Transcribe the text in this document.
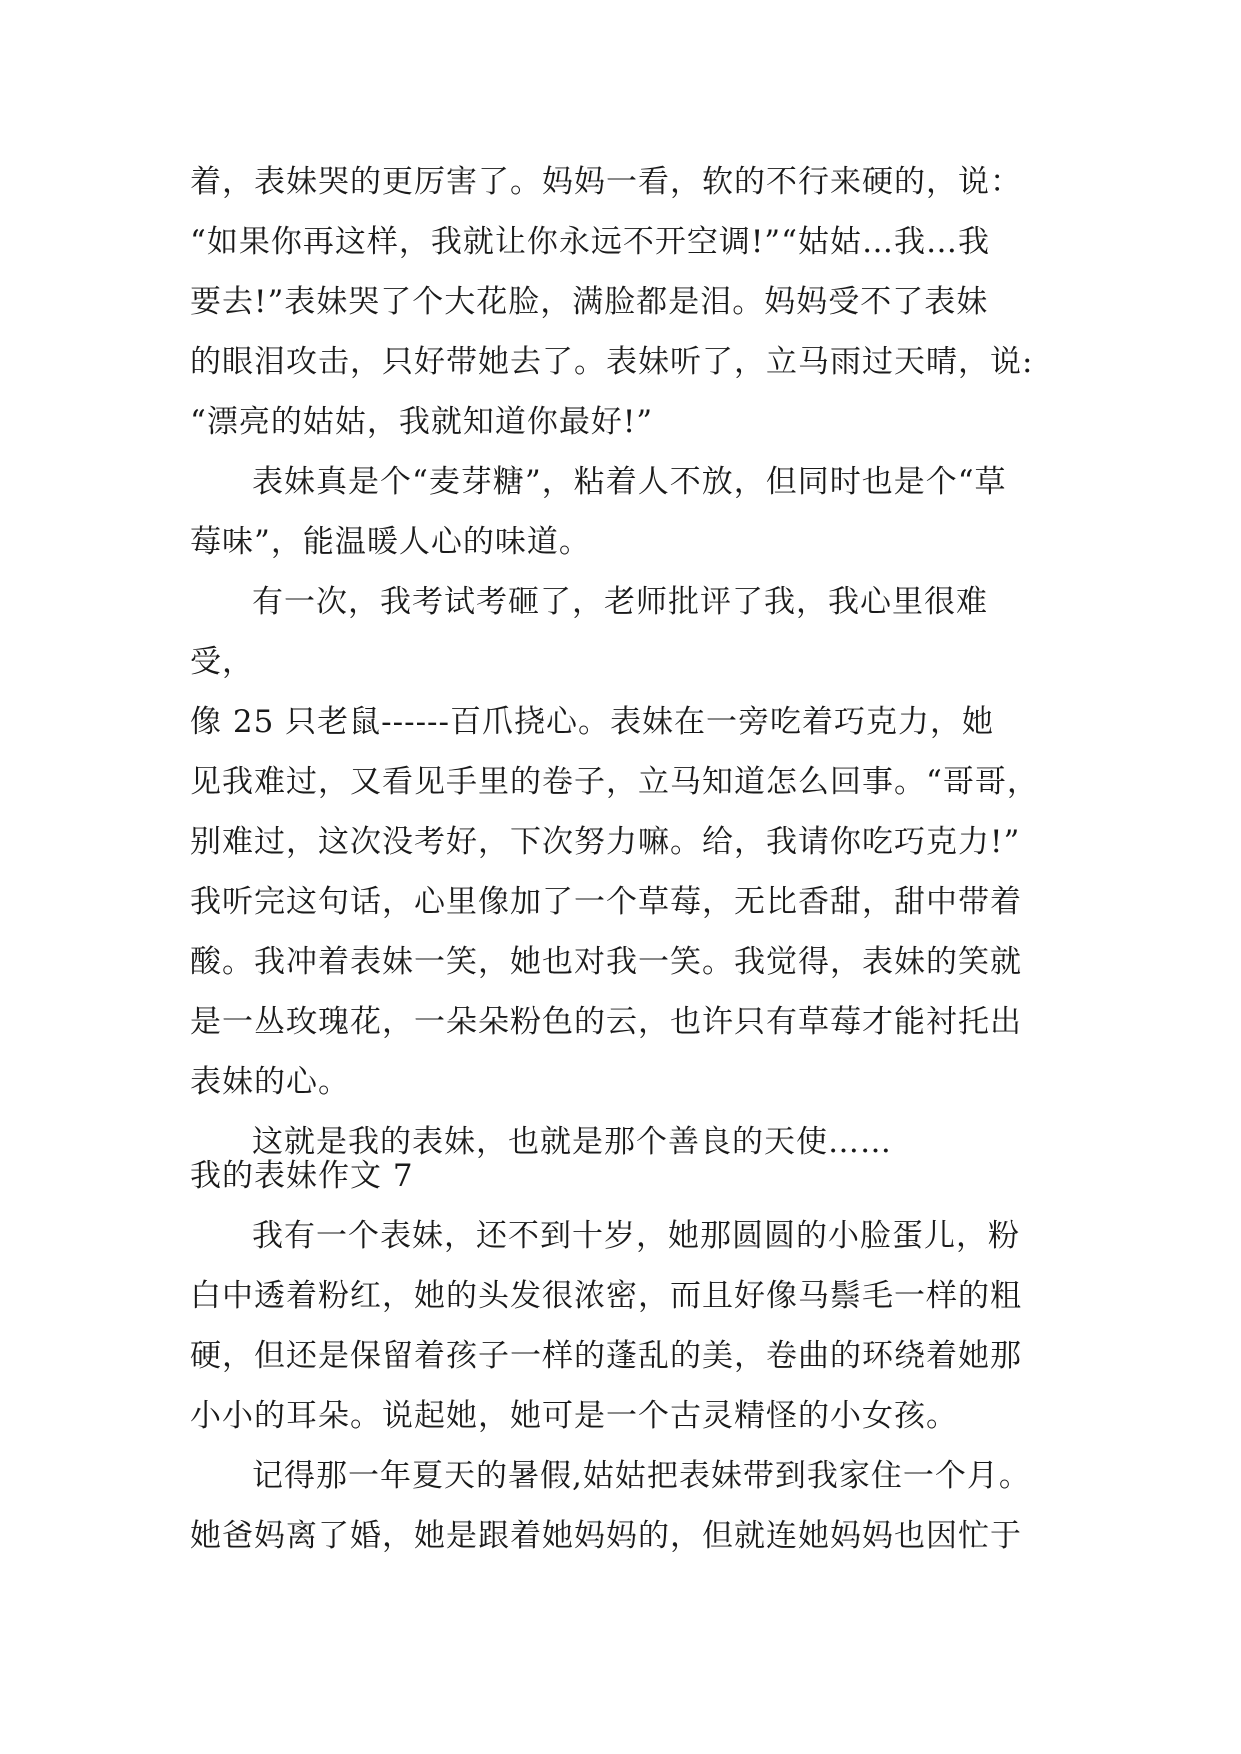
着，表妹哭的更厉害了。妈妈一看，软的不行来硬的，说：
“如果你再这样，我就让你永远不开空调!”“姑姑…我…我
要去!”表妹哭了个大花脸，满脸都是泪。妈妈受不了表妹
的眼泪攻击，只好带她去了。表妹听了，立马雨过天晴，说:
“漂亮的姑姑，我就知道你最好!”

表妹真是个“麦芽糖”，粘着人不放，但同时也是个“草
莓味”，能温暖人心的味道。

有一次，我考试考砸了，老师批评了我，我心里很难受，
像 25 只老鼠------百爪挠心。表妹在一旁吃着巧克力，她
见我难过，又看见手里的卷子，立马知道怎么回事。“哥哥，
别难过，这次没考好，下次努力嘛。给，我请你吃巧克力!”
我听完这句话，心里像加了一个草莓，无比香甜，甜中带着
酸。我冲着表妹一笑，她也对我一笑。我觉得，表妹的笑就
是一丛玫瑰花，一朵朵粉色的云，也许只有草莓才能衬托出
表妹的心。

这就是我的表妹，也就是那个善良的天使……

我的表妹作文 7

我有一个表妹，还不到十岁，她那圆圆的小脸蛋儿，粉
白中透着粉红，她的头发很浓密，而且好像马鬃毛一样的粗
硬，但还是保留着孩子一样的蓬乱的美，卷曲的环绕着她那
小小的耳朵。说起她，她可是一个古灵精怪的小女孩。

记得那一年夏天的暑假,姑姑把表妹带到我家住一个月。
她爸妈离了婚，她是跟着她妈妈的，但就连她妈妈也因忙于
